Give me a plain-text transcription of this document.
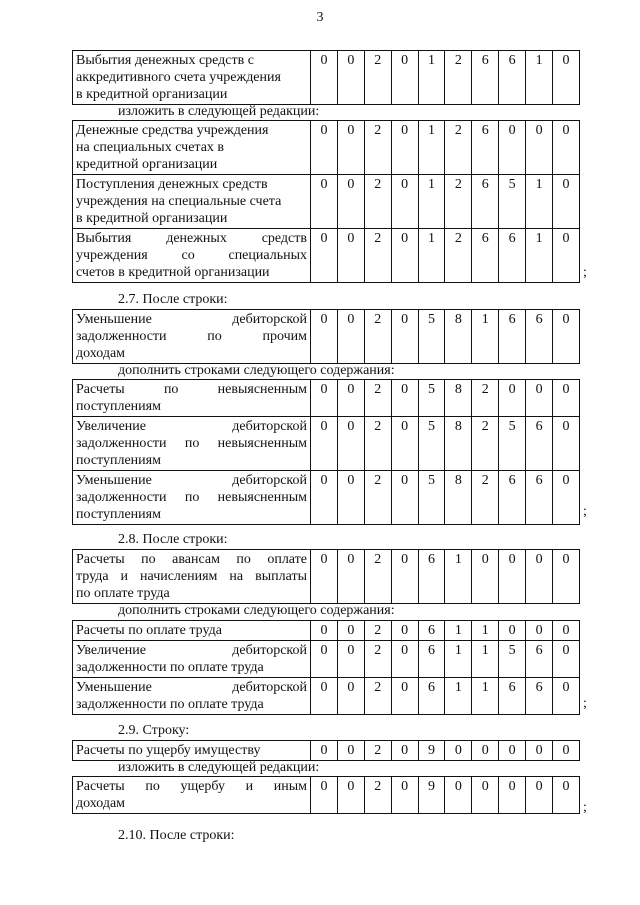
3
Выбытия денежных средств с
аккредитивного счета учреждения
в кредитной организации	0	0	2	0	1	2	6	6	1	0
изложить в следующей редакции:
Денежные средства учреждения
на специальных счетах в
кредитной организации	0	0	2	0	1	2	6	0	0	0
Поступления денежных средств
учреждения на специальные счета
в кредитной организации	0	0	2	0	1	2	6	5	1	0
Выбытия денежных средств
учреждения со специальных

счетов в кредитной организации	0	0	2	0	1	2	6	6	1	0
;
2.7. После строки:
Уменьшение дебиторской
задолженности по прочим

доходам
	0	0	2	0	5	8	1	6	6	0
дополнить строками следующего содержания:
Расчеты по невыясненным

поступлениям	0	0	2	0	5	8	2	0	0	0
Увеличение дебиторской
задолженности по невыясненным

поступлениям	0	0	2	0	5	8	2	5	6	0
Уменьшение дебиторской
задолженности по невыясненным

поступлениям	0	0	2	0	5	8	2	6	6	0
;
2.8. После строки:
Расчеты по авансам по оплате
труда и начислениям на выплаты

по оплате труда
	0	0	2	0	6	1	0	0	0	0
дополнить строками следующего содержания:
Расчеты по оплате труда	0	0	2	0	6	1	1	0	0	0
Увеличение дебиторской

задолженности по оплате труда	0	0	2	0	6	1	1	5	6	0
Уменьшение дебиторской

задолженности по оплате труда	0	0	2	0	6	1	1	6	6	0
;
2.9. Строку:
Расчеты по ущербу имуществу	0	0	2	0	9	0	0	0	0	0
изложить в следующей редакции:
Расчеты по ущербу и иным

доходам
	0	0	2	0	9	0	0	0	0	0
;
2.10. После строки:
